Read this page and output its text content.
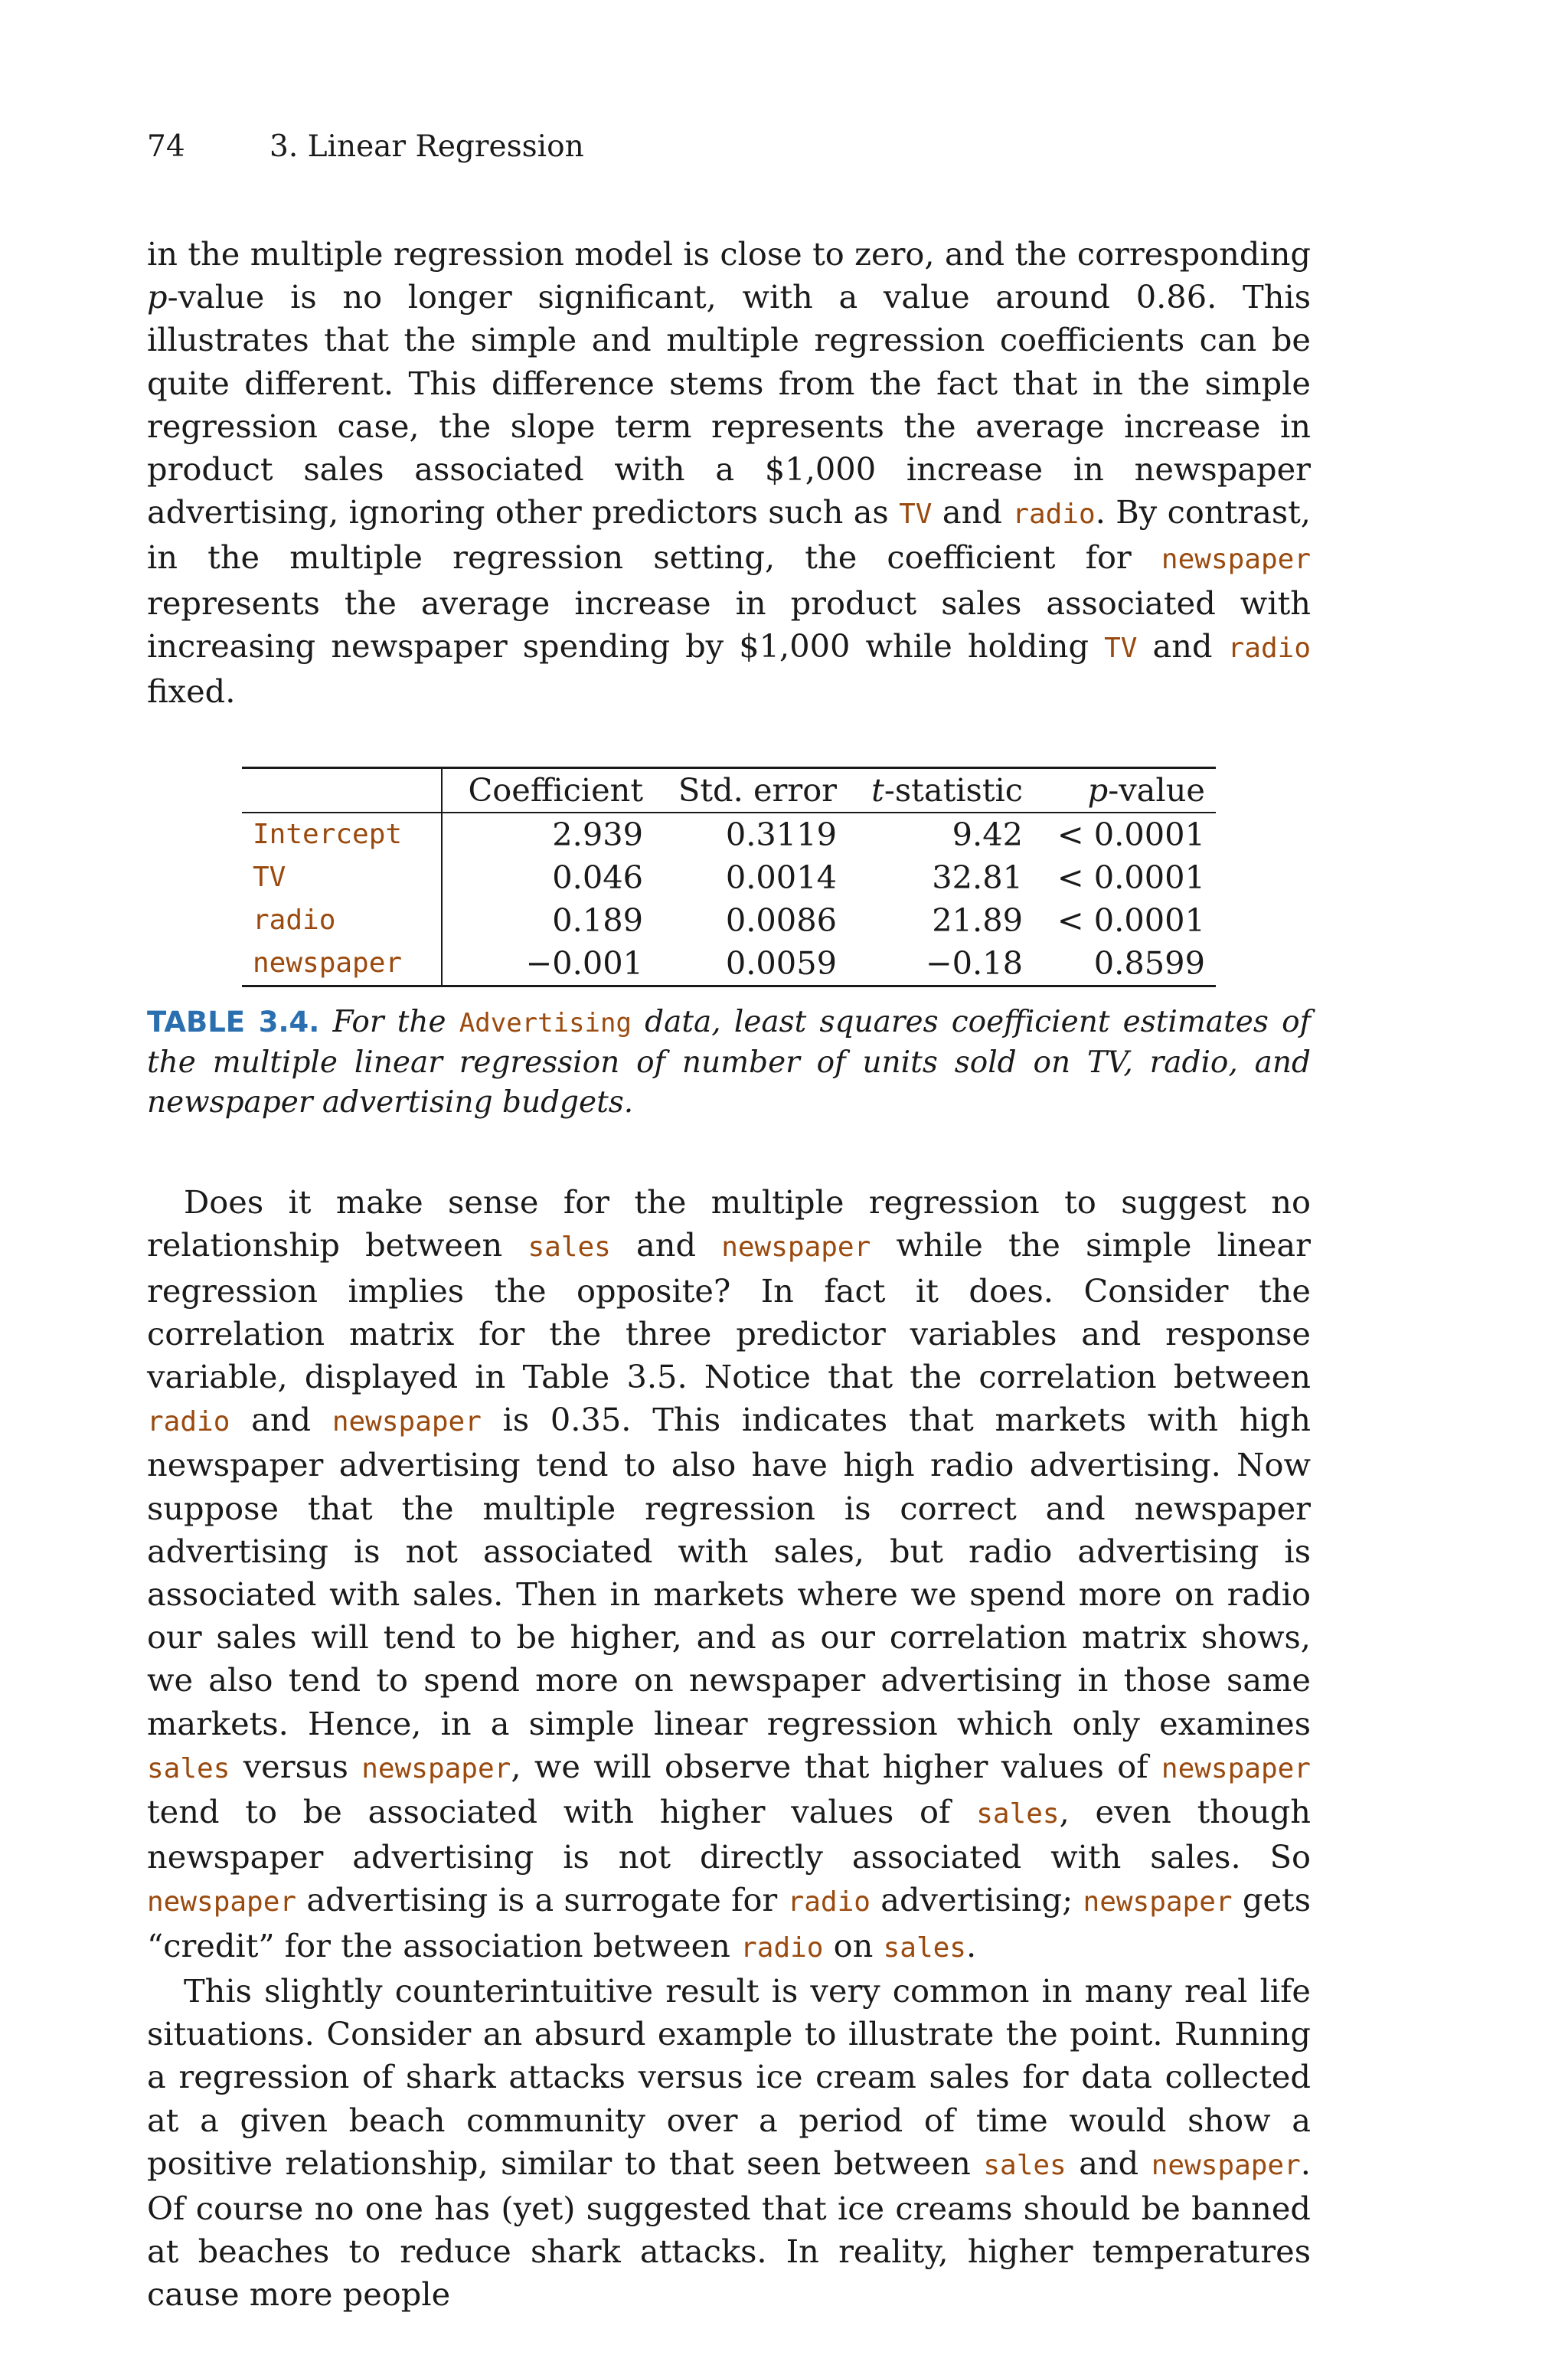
74	3. Linear Regression

in the multiple regression model is close to zero, and the corresponding p-value is no longer significant, with a value around 0.86. This illustrates that the simple and multiple regression coefficients can be quite different. This difference stems from the fact that in the simple regression case, the slope term represents the average increase in product sales associated with a $1,000 increase in newspaper advertising, ignoring other predictors such as TV and radio. By contrast, in the multiple regression setting, the coefficient for newspaper represents the average increase in product sales associated with increasing newspaper spending by $1,000 while holding TV and radio fixed.

	Coefficient	Std. error	t-statistic	p-value
Intercept	2.939	0.3119	9.42	< 0.0001
TV	0.046	0.0014	32.81	< 0.0001
radio	0.189	0.0086	21.89	< 0.0001
newspaper	−0.001	0.0059	−0.18	0.8599

TABLE 3.4. For the Advertising data, least squares coefficient estimates of the multiple linear regression of number of units sold on TV, radio, and newspaper advertising budgets.

Does it make sense for the multiple regression to suggest no relationship between sales and newspaper while the simple linear regression implies the opposite? In fact it does. Consider the correlation matrix for the three predictor variables and response variable, displayed in Table 3.5. Notice that the correlation between radio and newspaper is 0.35. This indicates that markets with high newspaper advertising tend to also have high radio advertising. Now suppose that the multiple regression is correct and newspaper advertising is not associated with sales, but radio advertising is associated with sales. Then in markets where we spend more on radio our sales will tend to be higher, and as our correlation matrix shows, we also tend to spend more on newspaper advertising in those same markets. Hence, in a simple linear regression which only examines sales versus newspaper, we will observe that higher values of newspaper tend to be associated with higher values of sales, even though newspaper advertising is not directly associated with sales. So newspaper advertising is a surrogate for radio advertising; newspaper gets “credit” for the association between radio on sales.

This slightly counterintuitive result is very common in many real life situations. Consider an absurd example to illustrate the point. Running a regression of shark attacks versus ice cream sales for data collected at a given beach community over a period of time would show a positive relationship, similar to that seen between sales and newspaper. Of course no one has (yet) suggested that ice creams should be banned at beaches to reduce shark attacks. In reality, higher temperatures cause more people
